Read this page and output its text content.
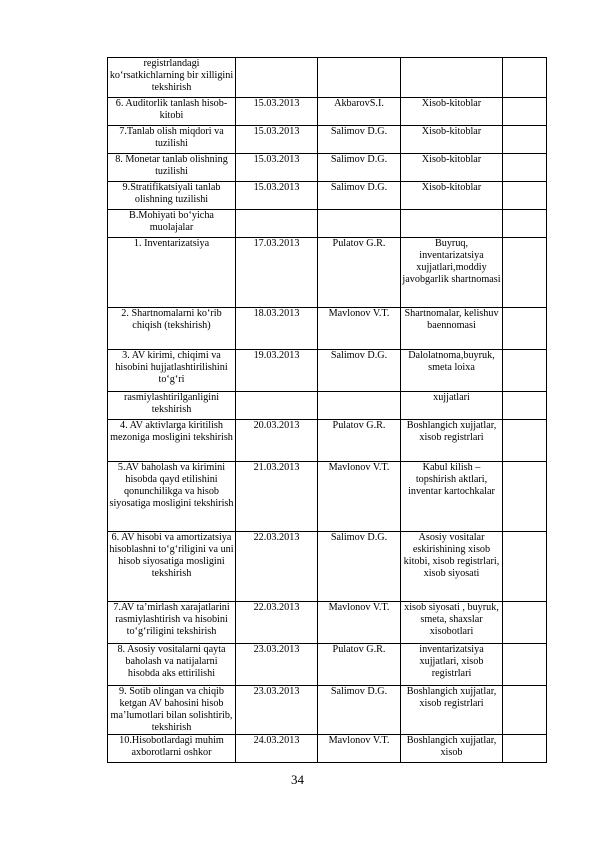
registrlandagi ko‘rsatkichlarning bir xilligini tekshirish				
6. Auditorlik tanlash hisob-kitobi	15.03.2013	AkbarovS.I.	Xisob-kitoblar	
7.Tanlab olish miqdori va tuzilishi	15.03.2013	Salimov D.G.	Xisob-kitoblar	
8. Monetar tanlab olishning tuzilishi	15.03.2013	Salimov D.G.	Xisob-kitoblar	
9.Stratifikatsiyali tanlab olishning tuzilishi	15.03.2013	Salimov D.G.	Xisob-kitoblar	
B.Mohiyati bo‘yicha muolajalar				
1. Inventarizatsiya	17.03.2013	Pulatov G.R.	Buyruq, inventarizatsiya xujjatlari,moddiy javobgarlik shartnomasi	
2. Shartnomalarni ko‘rib chiqish (tekshirish)	18.03.2013	Mavlonov V.T.	Shartnomalar, kelishuv baennomasi	
3. AV kirimi, chiqimi va hisobini hujjatlashtirilishini to‘g‘ri	19.03.2013	Salimov D.G.	Dalolatnoma,buyruk, smeta loixa	
rasmiylashtirilganligini tekshirish			xujjatlari	
4. AV aktivlarga kiritilish mezoniga mosligini tekshirish	20.03.2013	Pulatov G.R.	Boshlangich xujjatlar, xisob registrlari	
5.AV baholash va kirimini hisobda qayd etilishini qonunchilikga va hisob siyosatiga mosligini tekshirish	21.03.2013	Mavlonov V.T.	Kabul kilish – topshirish aktlari, inventar kartochkalar	
6. AV hisobi va amortizatsiya hisoblashni to‘g‘riligini va uni hisob siyosatiga mosligini tekshirish	22.03.2013	Salimov D.G.	Asosiy vositalar eskirishining xisob kitobi, xisob registrlari, xisob siyosati	
7.AV ta’mirlash xarajatlarini rasmiylashtirish va hisobini to‘g‘riligini tekshirish	22.03.2013	Mavlonov V.T.	xisob siyosati , buyruk, smeta, shaxslar xisobotlari	
8. Asosiy vositalarni qayta baholash va natijalarni hisobda aks ettirilishi	23.03.2013	Pulatov G.R.	inventarizatsiya xujjatlari, xisob registrlari	
9. Sotib olingan va chiqib ketgan AV bahosini hisob ma’lumotlari bilan solishtirib, tekshirish	23.03.2013	Salimov D.G.	Boshlangich xujjatlar, xisob registrlari	
10.Hisobotlardagi muhim axborotlarni oshkor	24.03.2013	Mavlonov V.T.	Boshlangich xujjatlar, xisob	
34
